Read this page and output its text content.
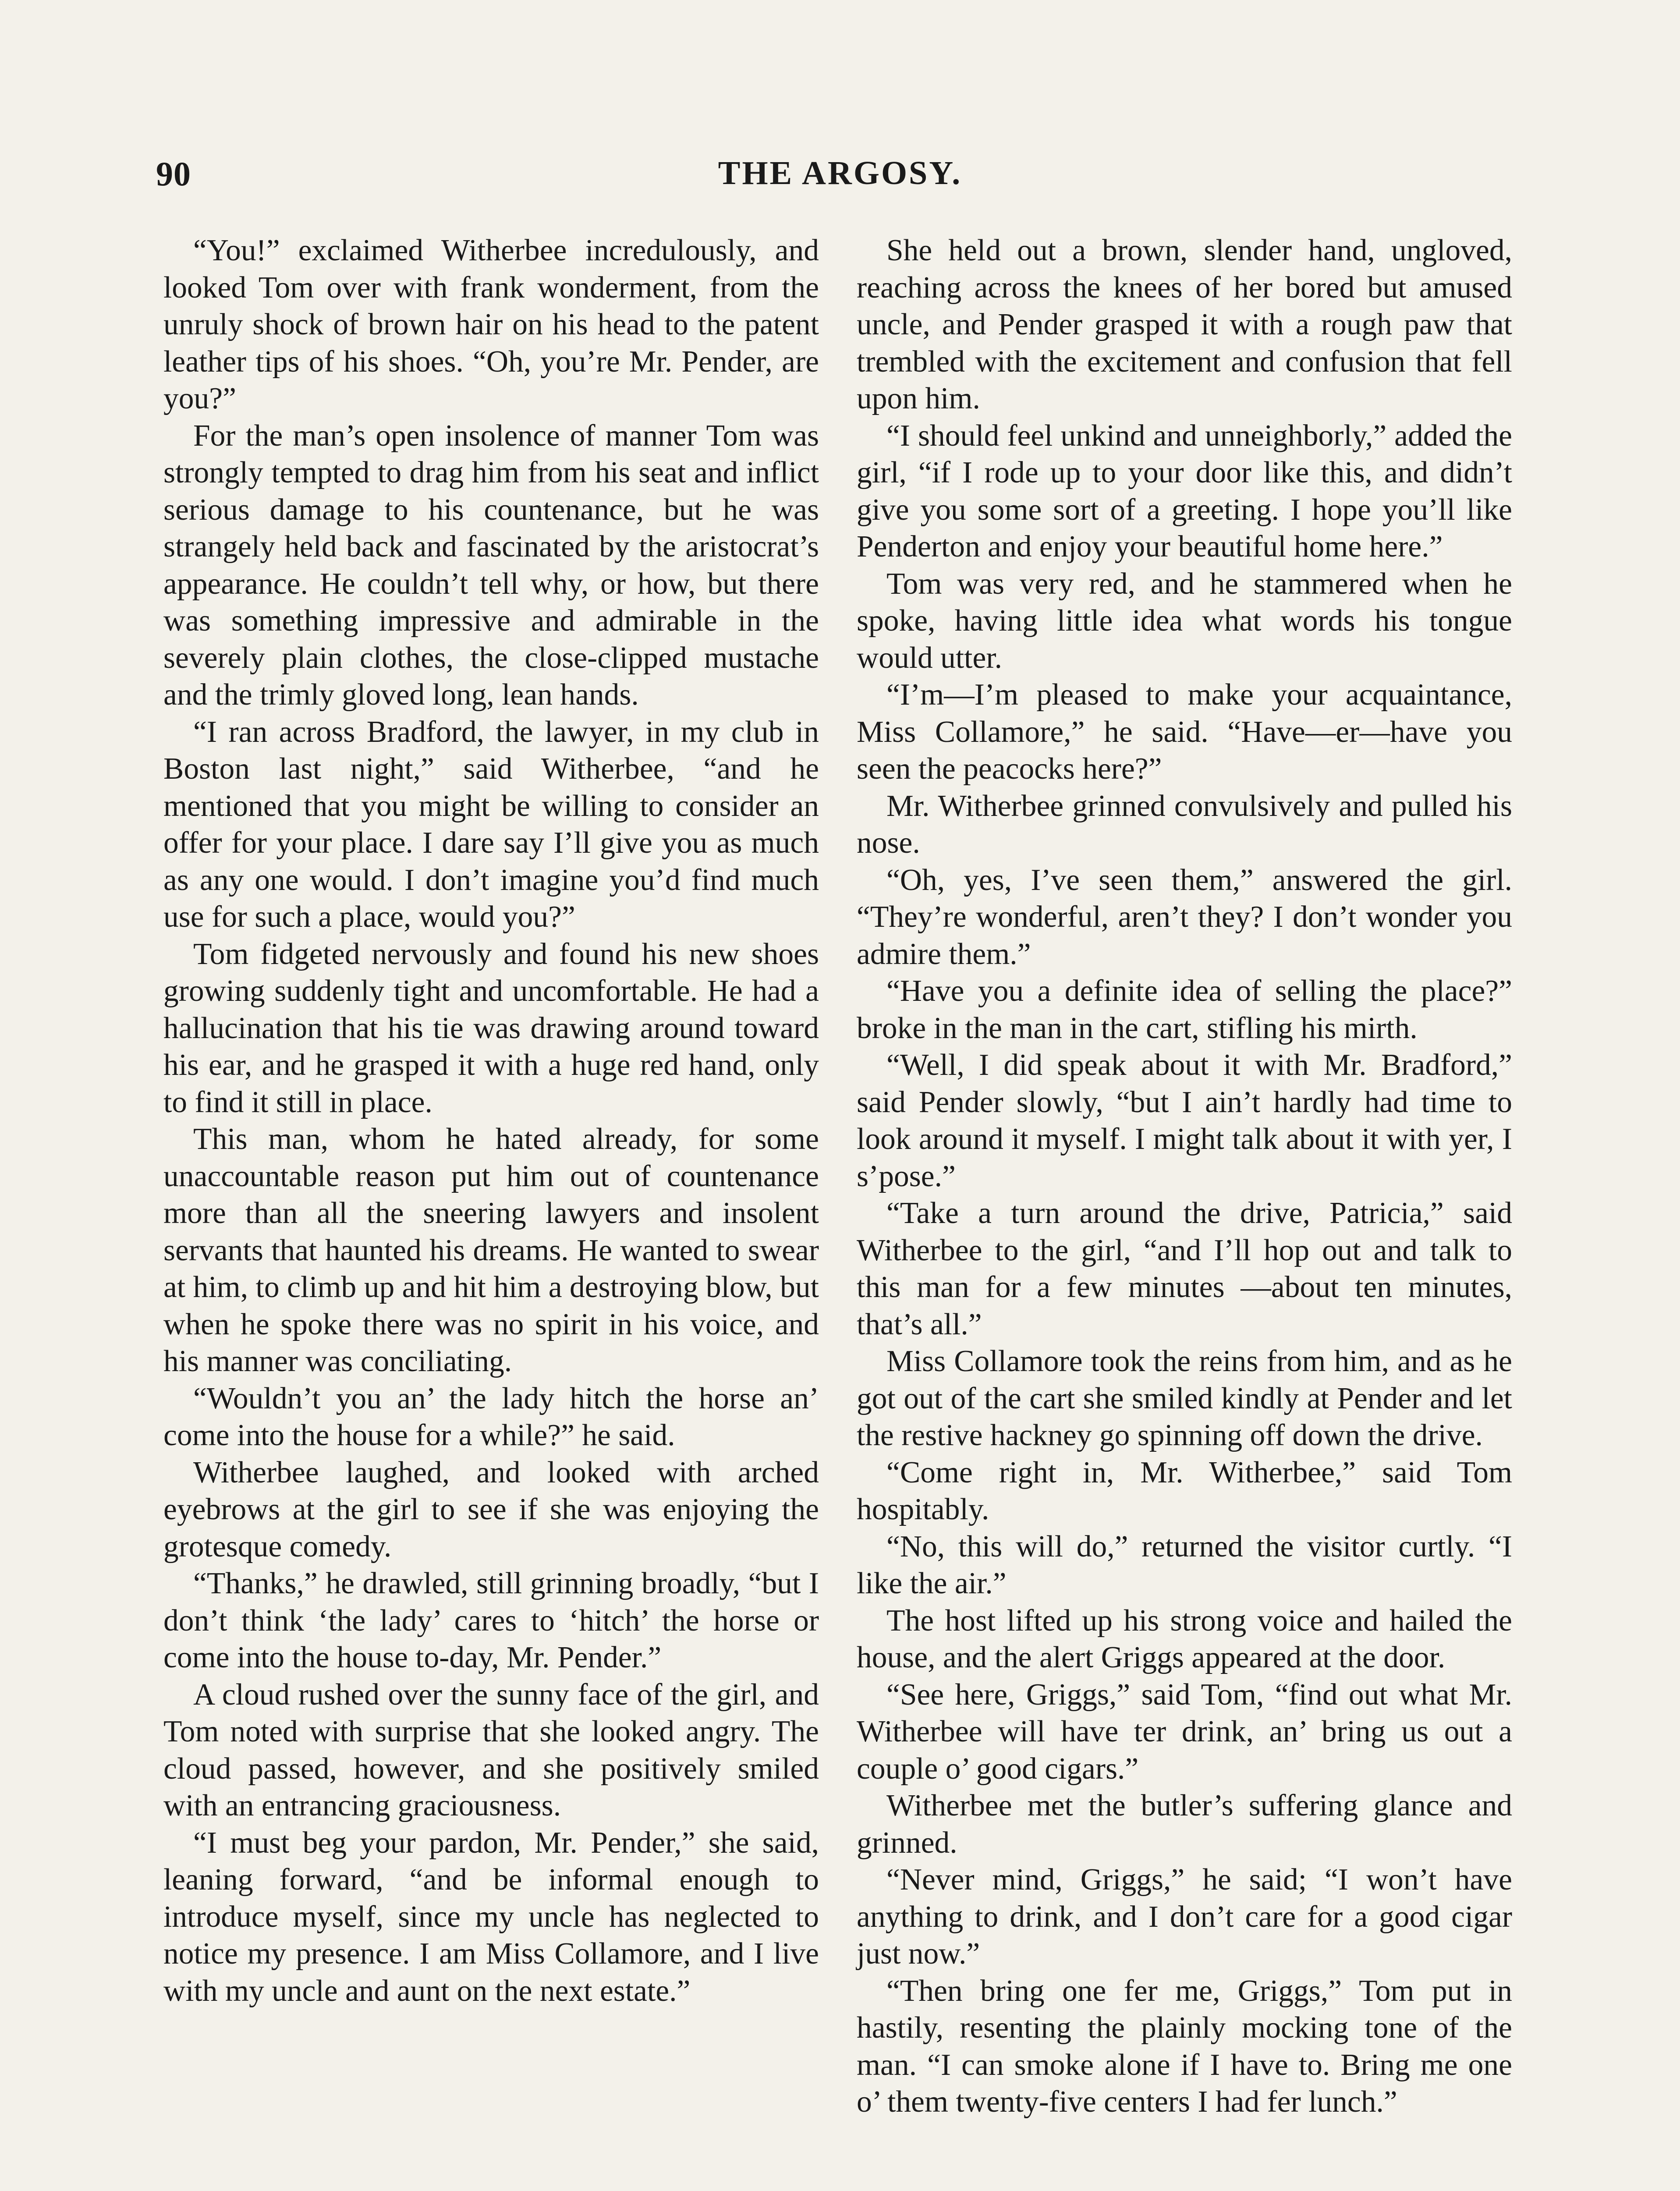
90	THE ARGOSY.

“You!” exclaimed Witherbee incredulously, and looked Tom over with frank wonderment, from the unruly shock of brown hair on his head to the patent leather tips of his shoes. “Oh, you’re Mr. Pender, are you?”

For the man’s open insolence of manner Tom was strongly tempted to drag him from his seat and inflict serious damage to his countenance, but he was strangely held back and fascinated by the aristocrat’s appearance. He couldn’t tell why, or how, but there was something impressive and admirable in the severely plain clothes, the close-clipped mustache and the trimly gloved long, lean hands.

“I ran across Bradford, the lawyer, in my club in Boston last night,” said Witherbee, “and he mentioned that you might be willing to consider an offer for your place. I dare say I’ll give you as much as any one would. I don’t imagine you’d find much use for such a place, would you?”

Tom fidgeted nervously and found his new shoes growing suddenly tight and uncomfortable. He had a hallucination that his tie was drawing around toward his ear, and he grasped it with a huge red hand, only to find it still in place.

This man, whom he hated already, for some unaccountable reason put him out of countenance more than all the sneering lawyers and insolent servants that haunted his dreams. He wanted to swear at him, to climb up and hit him a destroying blow, but when he spoke there was no spirit in his voice, and his manner was conciliating.

“Wouldn’t you an’ the lady hitch the horse an’ come into the house for a while?” he said.

Witherbee laughed, and looked with arched eyebrows at the girl to see if she was enjoying the grotesque comedy.

“Thanks,” he drawled, still grinning broadly, “but I don’t think ‘the lady’ cares to ‘hitch’ the horse or come into the house to-day, Mr. Pender.”

A cloud rushed over the sunny face of the girl, and Tom noted with surprise that she looked angry. The cloud passed, however, and she positively smiled with an entrancing graciousness.

“I must beg your pardon, Mr. Pender,” she said, leaning forward, “and be informal enough to introduce myself, since my uncle has neglected to notice my presence. I am Miss Collamore, and I live with my uncle and aunt on the next estate.”

She held out a brown, slender hand, ungloved, reaching across the knees of her bored but amused uncle, and Pender grasped it with a rough paw that trembled with the excitement and confusion that fell upon him.

“I should feel unkind and unneighborly,” added the girl, “if I rode up to your door like this, and didn’t give you some sort of a greeting. I hope you’ll like Penderton and enjoy your beautiful home here.”

Tom was very red, and he stammered when he spoke, having little idea what words his tongue would utter.

“I’m—I’m pleased to make your acquaintance, Miss Collamore,” he said. “Have—er—have you seen the peacocks here?”

Mr. Witherbee grinned convulsively and pulled his nose.

“Oh, yes, I’ve seen them,” answered the girl. “They’re wonderful, aren’t they? I don’t wonder you admire them.”

“Have you a definite idea of selling the place?” broke in the man in the cart, stifling his mirth.

“Well, I did speak about it with Mr. Bradford,” said Pender slowly, “but I ain’t hardly had time to look around it myself. I might talk about it with yer, I s’pose.”

“Take a turn around the drive, Patricia,” said Witherbee to the girl, “and I’ll hop out and talk to this man for a few minutes —about ten minutes, that’s all.”

Miss Collamore took the reins from him, and as he got out of the cart she smiled kindly at Pender and let the restive hackney go spinning off down the drive.

“Come right in, Mr. Witherbee,” said Tom hospitably.

“No, this will do,” returned the visitor curtly. “I like the air.”

The host lifted up his strong voice and hailed the house, and the alert Griggs appeared at the door.

“See here, Griggs,” said Tom, “find out what Mr. Witherbee will have ter drink, an’ bring us out a couple o’ good cigars.”

Witherbee met the butler’s suffering glance and grinned.

“Never mind, Griggs,” he said; “I won’t have anything to drink, and I don’t care for a good cigar just now.”

“Then bring one fer me, Griggs,” Tom put in hastily, resenting the plainly mocking tone of the man. “I can smoke alone if I have to. Bring me one o’ them twenty-five centers I had fer lunch.”
